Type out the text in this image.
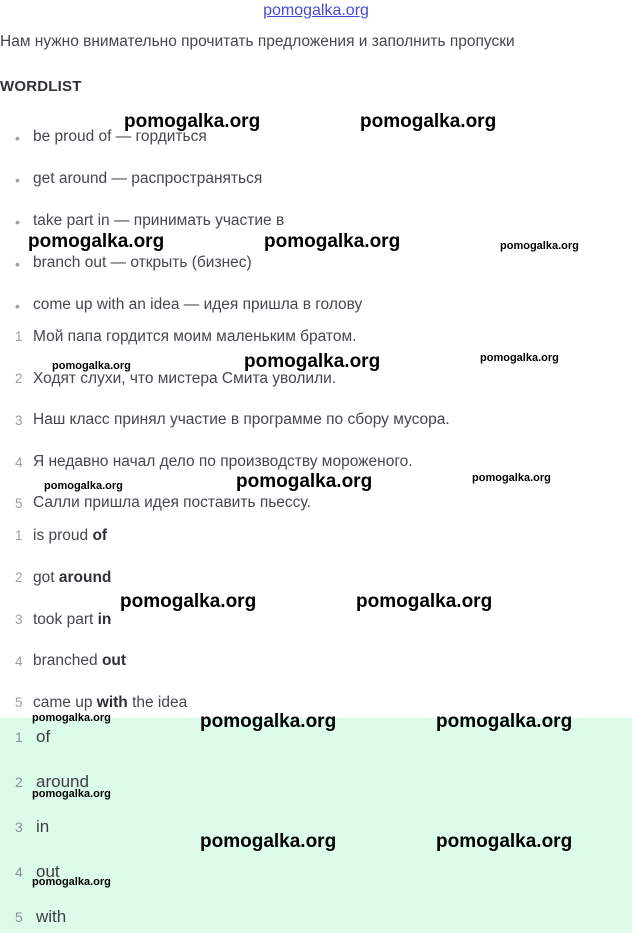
pomogalka.org
Нам нужно внимательно прочитать предложения и заполнить пропуски
WORDLIST
• be proud of — гордиться
• get around — распространяться
• take part in — принимать участие в
• branch out — открыть (бизнес)
• come up with an idea — идея пришла в голову
1 Мой папа гордится моим маленьким братом.
2 Ходят слухи, что мистера Смита уволили.
3 Наш класс принял участие в программе по сбору мусора.
4 Я недавно начал дело по производству мороженого.
5 Салли пришла идея поставить пьессу.
1 is proud of
2 got around
3 took part in
4 branched out
5 came up with the idea
1 of
2 around
3 in
4 out
5 with
pomogalka.org	pomogalka.org
pomogalka.org	pomogalka.org	pomogalka.org
pomogalka.org	pomogalka.org	pomogalka.org
pomogalka.org	pomogalka.org	pomogalka.org
pomogalka.org	pomogalka.org
pomogalka.org	pomogalka.org	pomogalka.org
pomogalka.org
pomogalka.org	pomogalka.org
pomogalka.org
